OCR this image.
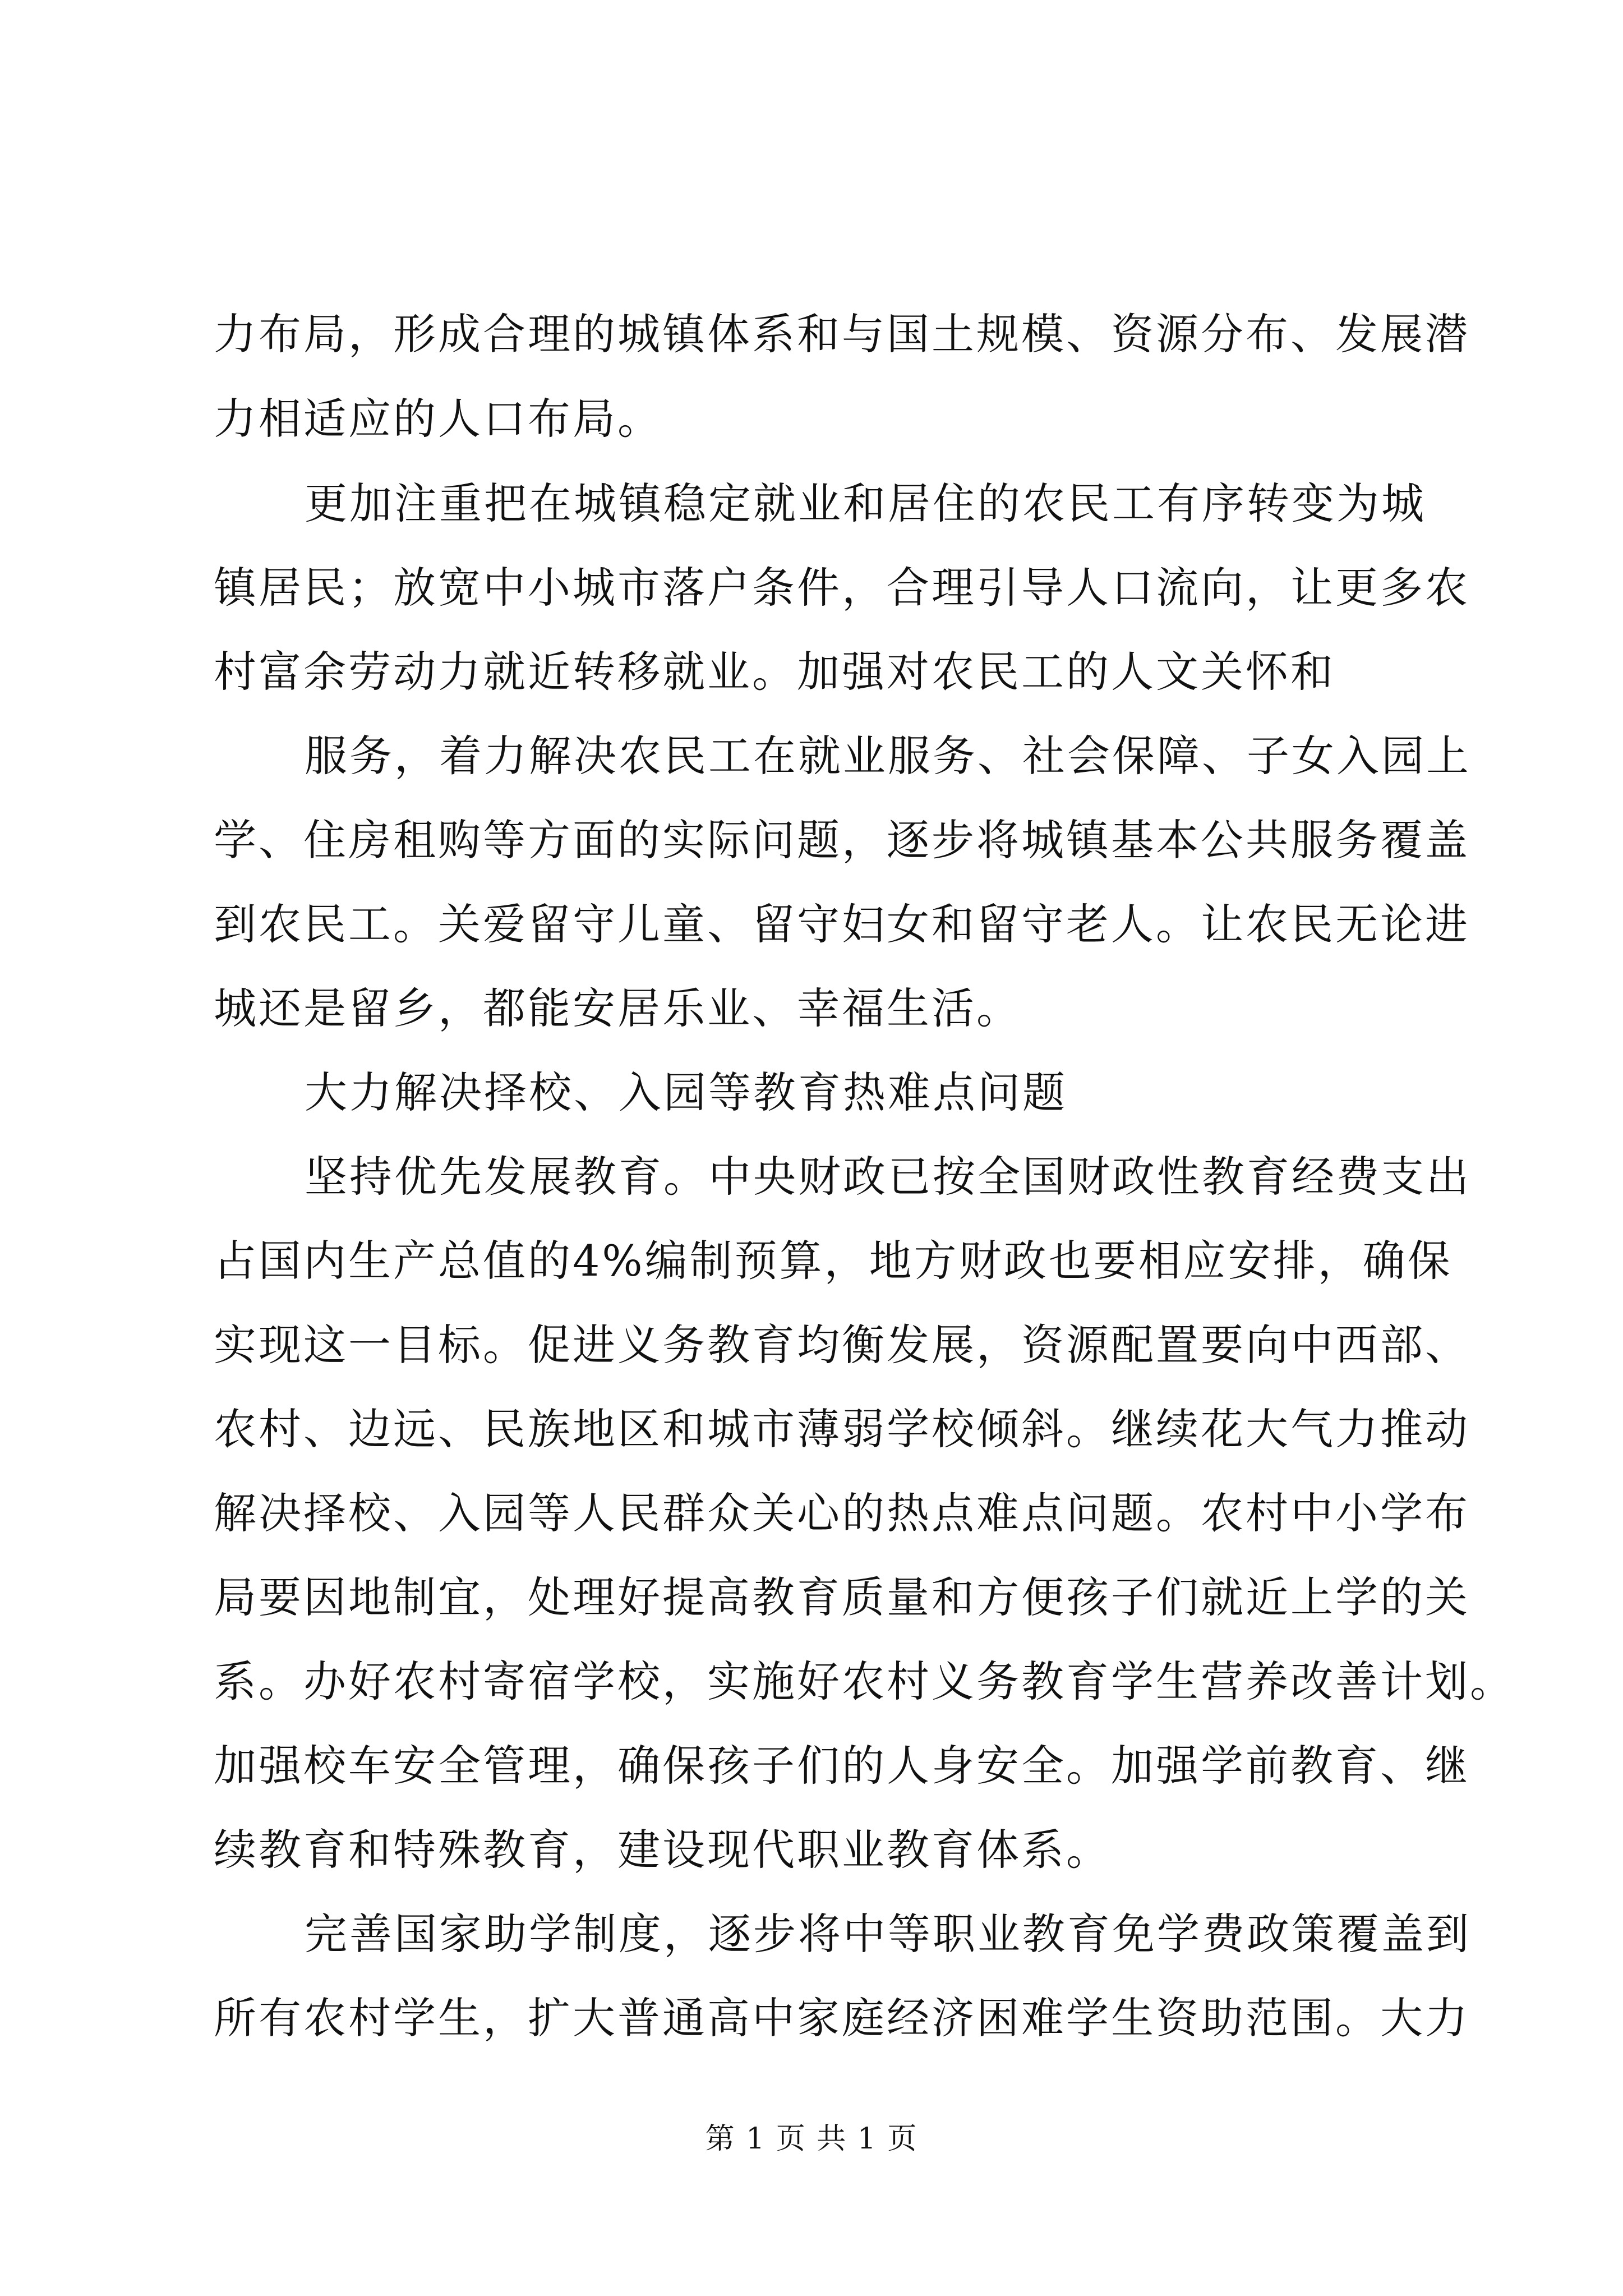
力布局，形成合理的城镇体系和与国土规模、资源分布、发展潜
力相适应的人口布局。
更加注重把在城镇稳定就业和居住的农民工有序转变为城
镇居民；放宽中小城市落户条件，合理引导人口流向，让更多农
村富余劳动力就近转移就业。加强对农民工的人文关怀和
服务，着力解决农民工在就业服务、社会保障、子女入园上
学、住房租购等方面的实际问题，逐步将城镇基本公共服务覆盖
到农民工。关爱留守儿童、留守妇女和留守老人。让农民无论进
城还是留乡，都能安居乐业、幸福生活。
大力解决择校、入园等教育热难点问题
坚持优先发展教育。中央财政已按全国财政性教育经费支出
占国内生产总值的4%编制预算，地方财政也要相应安排，确保
实现这一目标。促进义务教育均衡发展，资源配置要向中西部、
农村、边远、民族地区和城市薄弱学校倾斜。继续花大气力推动
解决择校、入园等人民群众关心的热点难点问题。农村中小学布
局要因地制宜，处理好提高教育质量和方便孩子们就近上学的关
系。办好农村寄宿学校，实施好农村义务教育学生营养改善计划。
加强校车安全管理，确保孩子们的人身安全。加强学前教育、继
续教育和特殊教育，建设现代职业教育体系。
完善国家助学制度，逐步将中等职业教育免学费政策覆盖到
所有农村学生，扩大普通高中家庭经济困难学生资助范围。大力
第 1 页 共 1 页
